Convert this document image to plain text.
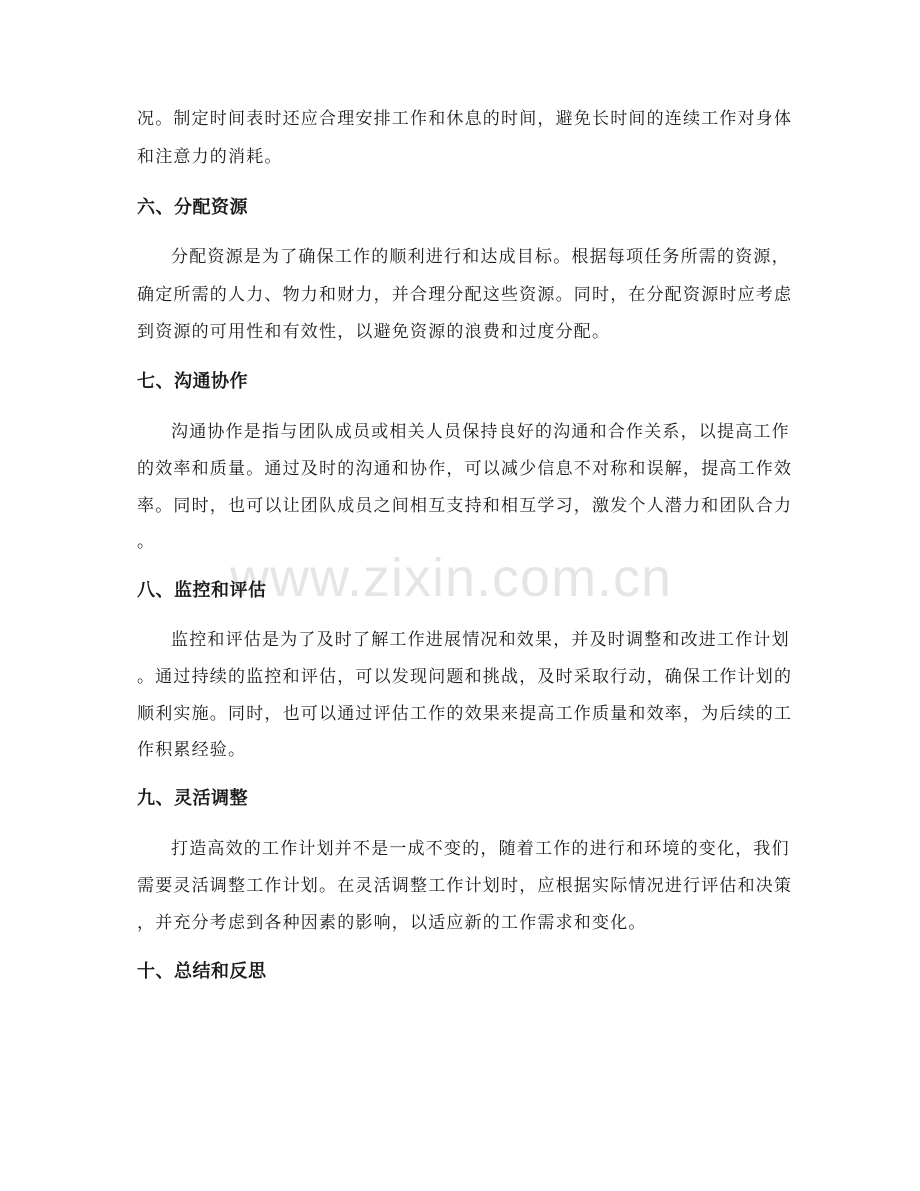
www.zixin.com.cn
况。制定时间表时还应合理安排工作和休息的时间，避免长时间的连续工作对身体
和注意力的消耗。
六、分配资源
分配资源是为了确保工作的顺利进行和达成目标。根据每项任务所需的资源，
确定所需的人力、物力和财力，并合理分配这些资源。同时，在分配资源时应考虑
到资源的可用性和有效性，以避免资源的浪费和过度分配。
七、沟通协作
沟通协作是指与团队成员或相关人员保持良好的沟通和合作关系，以提高工作
的效率和质量。通过及时的沟通和协作，可以减少信息不对称和误解，提高工作效
率。同时，也可以让团队成员之间相互支持和相互学习，激发个人潜力和团队合力
。
八、监控和评估
监控和评估是为了及时了解工作进展情况和效果，并及时调整和改进工作计划
。通过持续的监控和评估，可以发现问题和挑战，及时采取行动，确保工作计划的
顺利实施。同时，也可以通过评估工作的效果来提高工作质量和效率，为后续的工
作积累经验。
九、灵活调整
打造高效的工作计划并不是一成不变的，随着工作的进行和环境的变化，我们
需要灵活调整工作计划。在灵活调整工作计划时，应根据实际情况进行评估和决策
，并充分考虑到各种因素的影响，以适应新的工作需求和变化。
十、总结和反思
